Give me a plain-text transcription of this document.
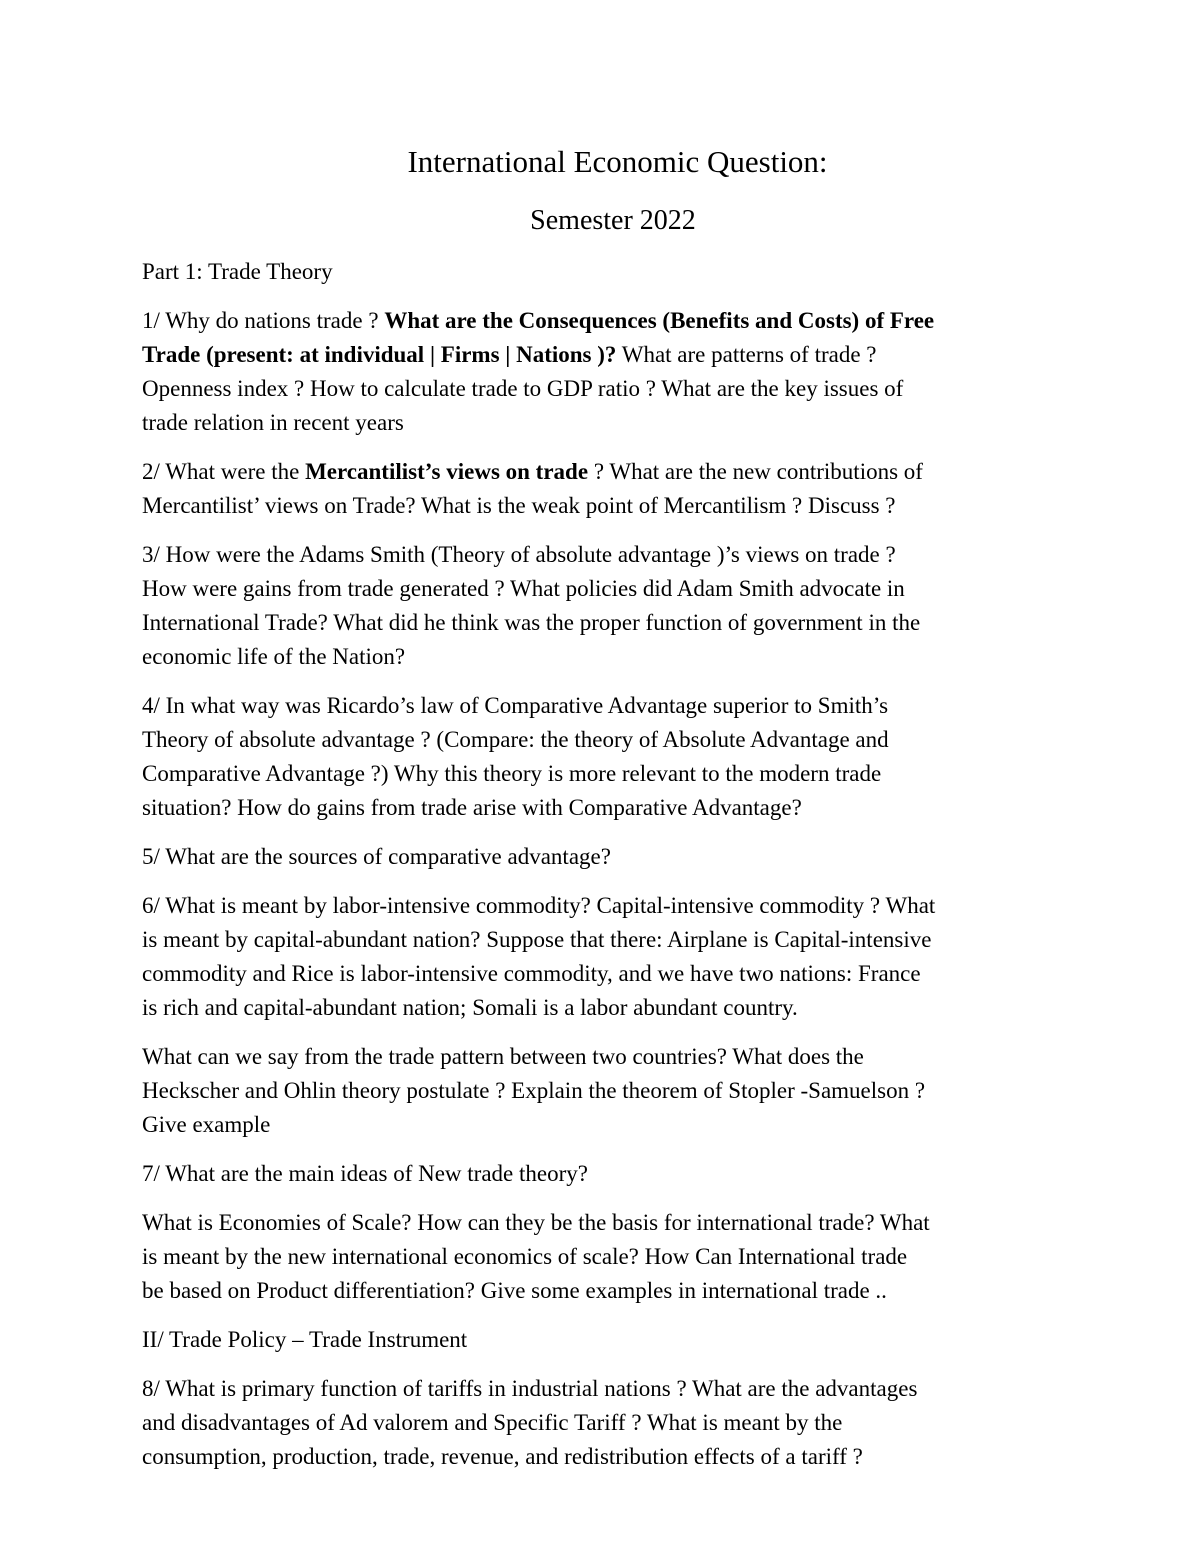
International Economic Question:
Semester 2022

Part 1: Trade Theory

1/ Why do nations trade ? What are the Consequences (Benefits and Costs) of Free
Trade (present: at individual | Firms | Nations )? What are patterns of trade ?
Openness index ? How to calculate trade to GDP ratio ? What are the key issues of
trade relation in recent years

2/ What were the Mercantilist’s views on trade ? What are the new contributions of
Mercantilist’ views on Trade? What is the weak point of Mercantilism ? Discuss ?

3/ How were the Adams Smith (Theory of absolute advantage )’s views on trade ?
How were gains from trade generated ? What policies did Adam Smith advocate in
International Trade? What did he think was the proper function of government in the
economic life of the Nation?

4/ In what way was Ricardo’s law of Comparative Advantage superior to Smith’s
Theory of absolute advantage ? (Compare: the theory of Absolute Advantage and
Comparative Advantage ?) Why this theory is more relevant to the modern trade
situation? How do gains from trade arise with Comparative Advantage?

5/ What are the sources of comparative advantage?

6/ What is meant by labor-intensive commodity? Capital-intensive commodity ? What
is meant by capital-abundant nation? Suppose that there: Airplane is Capital-intensive
commodity and Rice is labor-intensive commodity, and we have two nations: France
is rich and capital-abundant nation; Somali is a labor abundant country.

What can we say from the trade pattern between two countries? What does the
Heckscher and Ohlin theory postulate ? Explain the theorem of Stopler -Samuelson ?
Give example

7/ What are the main ideas of New trade theory?

What is Economies of Scale? How can they be the basis for international trade? What
is meant by the new international economics of scale? How Can International trade
be based on Product differentiation? Give some examples in international trade ..

II/ Trade Policy – Trade Instrument

8/ What is primary function of tariffs in industrial nations ? What are the advantages
and disadvantages of Ad valorem and Specific Tariff ? What is meant by the
consumption, production, trade, revenue, and redistribution effects of a tariff ?
